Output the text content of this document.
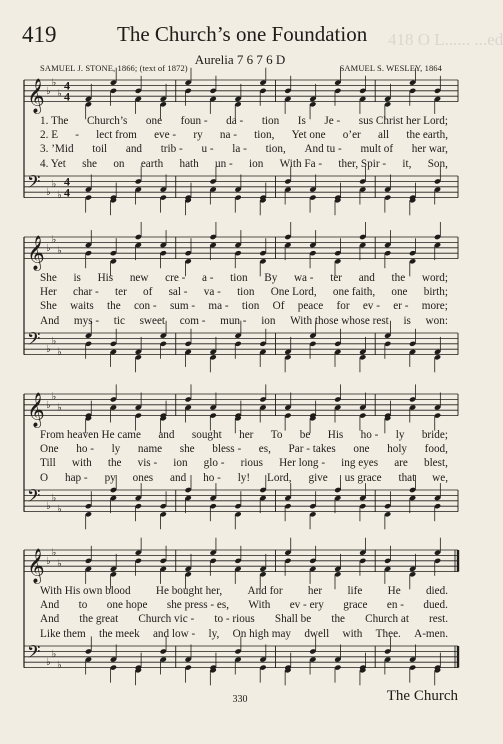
419	The Church’s one Foundation 418 O L...... ...ed
Aurelia 7 6 7 6 D
SAMUEL J. STONE, 1866; (text of 1872)	SAMUEL S. WESLEY, 1864
𝄞 ♭
♭
♭
4
4
𝄢 ♭
♭
♭
4
4
𝄞 ♭
♭
♭
𝄢 ♭
♭
♭
𝄞 ♭
♭
♭
𝄢 ♭
♭
♭
𝄞 ♭
♭
♭
𝄢 ♭
♭
♭
1. The Church’s one foun - da - tion Is Je - sus Christ her Lord;
2. E - lect from eve - ry na - tion, Yet one o’er all the earth,
3. ’Mid toil and trib - u - la - tion, And tu - mult of her war,
4. Yet she on earth hath un - ion With Fa - ther, Spir - it, Son,
She is His new cre - a - tion By wa - ter and the word;
Her char - ter of sal - va - tion One Lord, one faith, one birth;
She waits the con - sum - ma - tion Of peace for ev - er - more;
And mys - tic sweet com - mun - ion With those whose rest is won:
From heaven He came and sought her To be His ho - ly bride;
One ho - ly name she bless - es, Par - takes one holy food,
Till with the vis - ion glo - rious Her long - ing eyes are blest,
O hap - py ones and ho - ly! Lord, give us grace that we,
With His own blood He bought her, And for her life He died.
And to one hope she press - es, With ev - ery grace en - dued.
And the great Church vic - to - rious Shall be the Church at rest.
Like them the meek and low - ly, On high may dwell with Thee. A-men.
330	The Church
